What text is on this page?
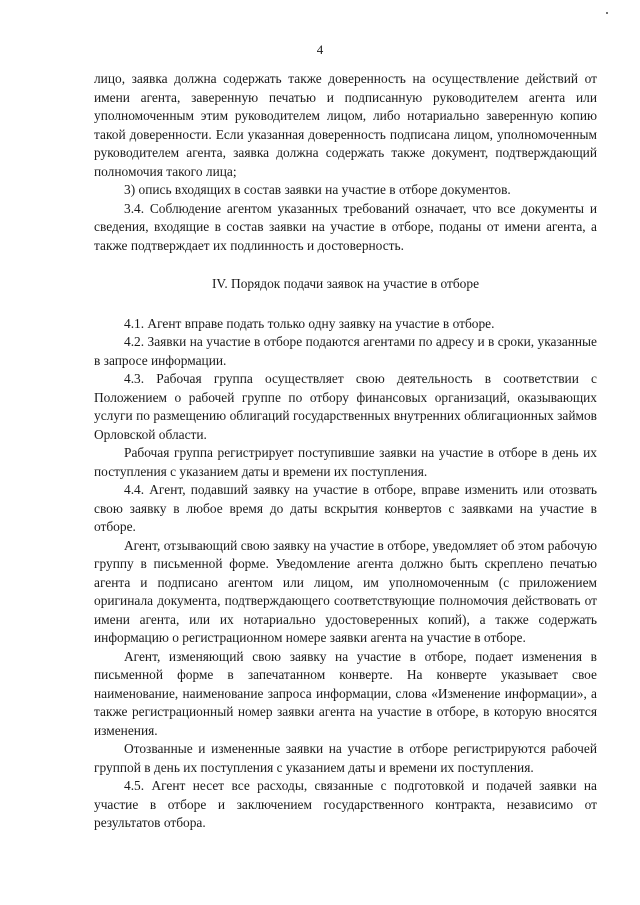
4

лицо, заявка должна содержать также доверенность на осуществление действий от имени агента, заверенную печатью и подписанную руководителем агента или уполномоченным этим руководителем лицом, либо нотариально заверенную копию такой доверенности. Если указанная доверенность подписана лицом, уполномоченным руководителем агента, заявка должна содержать также документ, подтверждающий полномочия такого лица;

3) опись входящих в состав заявки на участие в отборе документов.

3.4. Соблюдение агентом указанных требований означает, что все документы и сведения, входящие в состав заявки на участие в отборе, поданы от имени агента, а также подтверждает их подлинность и достоверность.

IV. Порядок подачи заявок на участие в отборе

4.1. Агент вправе подать только одну заявку на участие в отборе.

4.2. Заявки на участие в отборе подаются агентами по адресу и в сроки, указанные в запросе информации.

4.3. Рабочая группа осуществляет свою деятельность в соответствии с Положением о рабочей группе по отбору финансовых организаций, оказывающих услуги по размещению облигаций государственных внутренних облигационных займов Орловской области.

Рабочая группа регистрирует поступившие заявки на участие в отборе в день их поступления с указанием даты и времени их поступления.

4.4. Агент, подавший заявку на участие в отборе, вправе изменить или отозвать свою заявку в любое время до даты вскрытия конвертов с заявками на участие в отборе.

Агент, отзывающий свою заявку на участие в отборе, уведомляет об этом рабочую группу в письменной форме. Уведомление агента должно быть скреплено печатью агента и подписано агентом или лицом, им уполномоченным (с приложением оригинала документа, подтверждающего соответствующие полномочия действовать от имени агента, или их нотариально удостоверенных копий), а также содержать информацию о регистрационном номере заявки агента на участие в отборе.

Агент, изменяющий свою заявку на участие в отборе, подает изменения в письменной форме в запечатанном конверте. На конверте указывает свое наименование, наименование запроса информации, слова «Изменение информации», а также регистрационный номер заявки агента на участие в отборе, в которую вносятся изменения.

Отозванные и измененные заявки на участие в отборе регистрируются рабочей группой в день их поступления с указанием даты и времени их поступления.

4.5. Агент несет все расходы, связанные с подготовкой и подачей заявки на участие в отборе и заключением государственного контракта, независимо от результатов отбора.
